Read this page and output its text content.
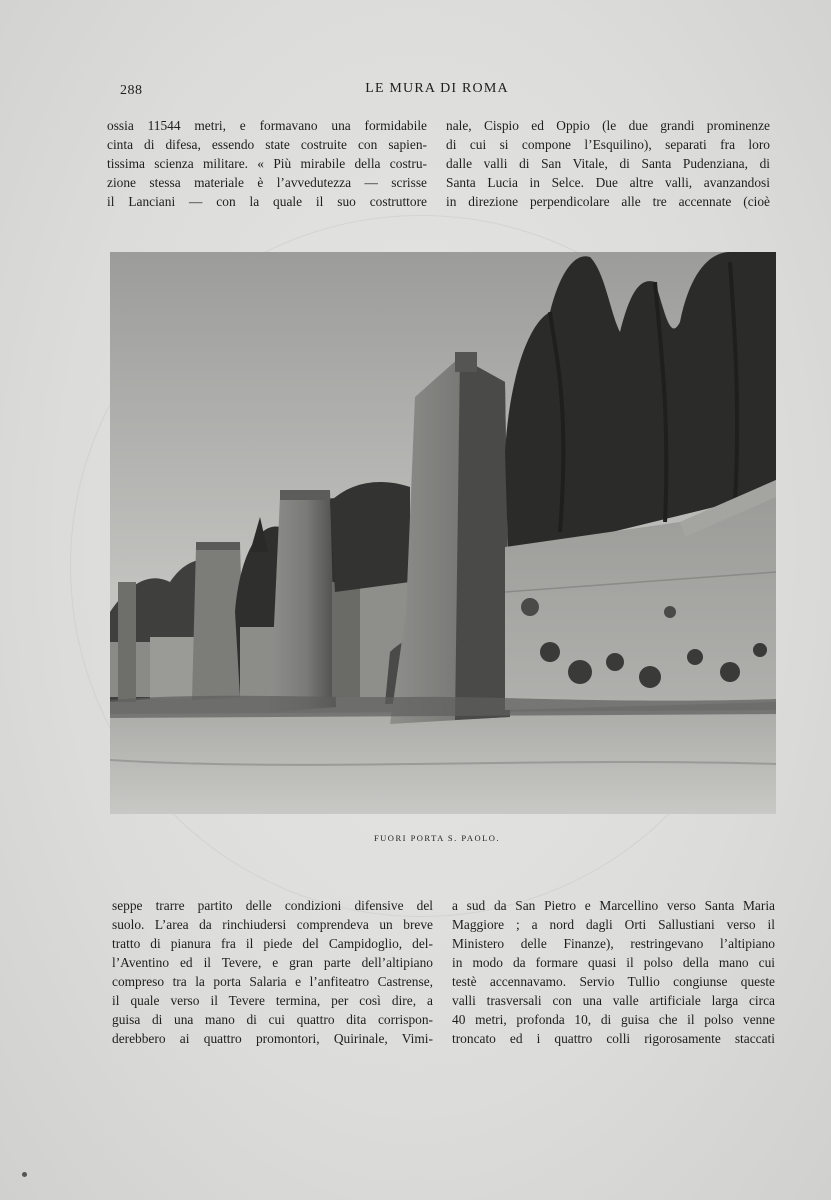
288	LE MURA DI ROMA
ossia 11544 metri, e formavano una formidabile
cinta di difesa, essendo state costruite con sapien-
tissima scienza militare. « Più mirabile della costru-
zione stessa materiale è l’avvedutezza — scrisse
il Lanciani — con la quale il suo costruttore
nale, Cispio ed Oppio (le due grandi prominenze
di cui si compone l’Esquilino), separati fra loro
dalle valli di San Vitale, di Santa Pudenziana, di
Santa Lucia in Selce. Due altre valli, avanzandosi
in direzione perpendicolare alle tre accennate (cioè
FUORI PORTA S. PAOLO.
seppe trarre partito delle condizioni difensive del
suolo. L’area da rinchiudersi comprendeva un breve
tratto di pianura fra il piede del Campidoglio, del-
l’Aventino ed il Tevere, e gran parte dell’altipiano
compreso tra la porta Salaria e l’anfiteatro Castrense,
il quale verso il Tevere termina, per così dire, a
guisa di una mano di cui quattro dita corrispon-
derebbero ai quattro promontori, Quirinale, Vimi-
a sud da San Pietro e Marcellino verso Santa Maria
Maggiore ; a nord dagli Orti Sallustiani verso il
Ministero delle Finanze), restringevano l’altipiano
in modo da formare quasi il polso della mano cui
testè accennavamo. Servio Tullio congiunse queste
valli trasversali con una valle artificiale larga circa
40 metri, profonda 10, di guisa che il polso venne
troncato ed i quattro colli rigorosamente staccati
